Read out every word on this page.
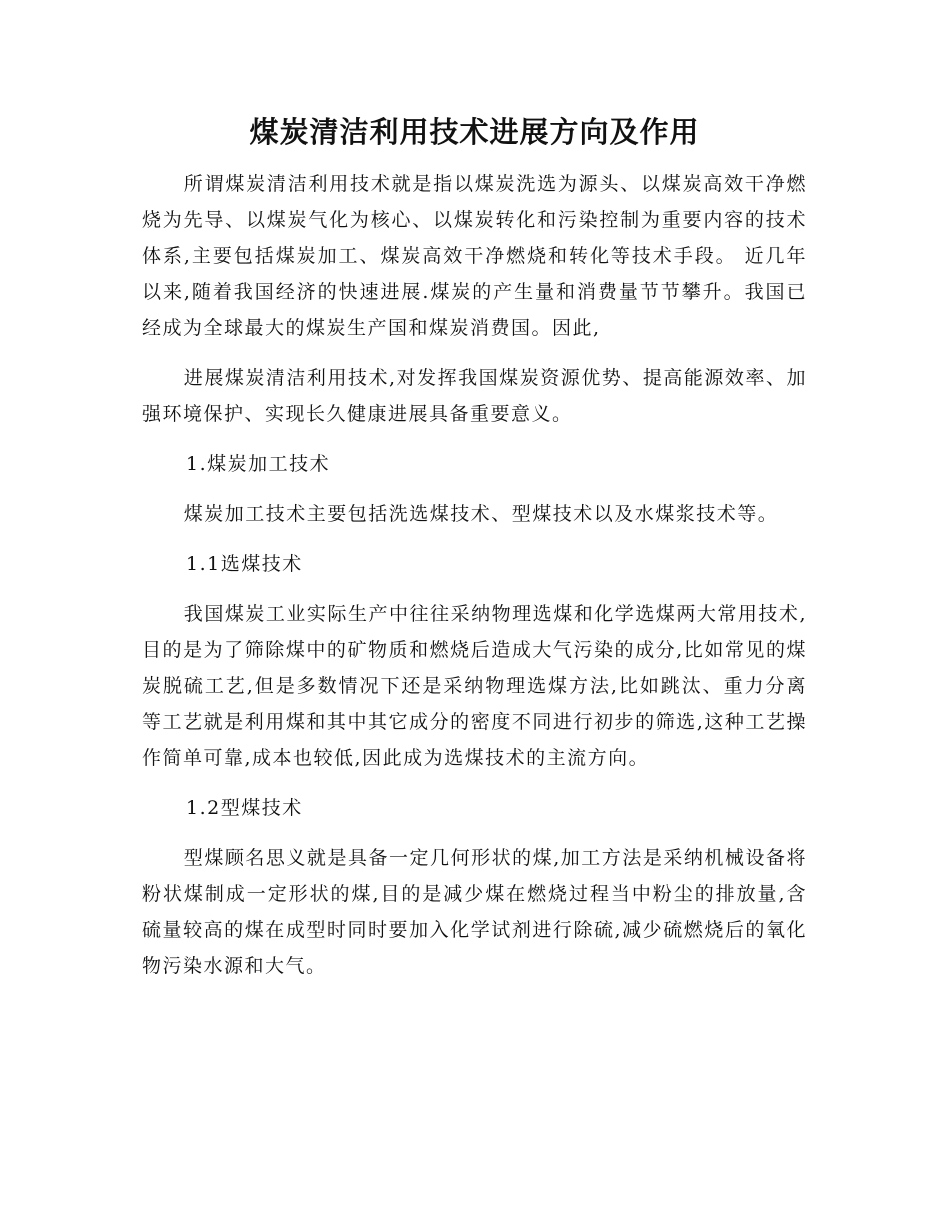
煤炭清洁利用技术进展方向及作用

所谓煤炭清洁利用技术就是指以煤炭洗选为源头、以煤炭高效干净燃烧为先导、以煤炭气化为核心、以煤炭转化和污染控制为重要内容的技术体系,主要包括煤炭加工、煤炭高效干净燃烧和转化等技术手段。 近几年以来,随着我国经济的快速进展.煤炭的产生量和消费量节节攀升。我国已经成为全球最大的煤炭生产国和煤炭消费国。因此,

进展煤炭清洁利用技术,对发挥我国煤炭资源优势、提高能源效率、加强环境保护、实现长久健康进展具备重要意义。

1.煤炭加工技术

煤炭加工技术主要包括洗选煤技术、型煤技术以及水煤浆技术等。

1.1选煤技术

我国煤炭工业实际生产中往往采纳物理选煤和化学选煤两大常用技术,目的是为了筛除煤中的矿物质和燃烧后造成大气污染的成分,比如常见的煤炭脱硫工艺,但是多数情况下还是采纳物理选煤方法,比如跳汰、重力分离等工艺就是利用煤和其中其它成分的密度不同进行初步的筛选,这种工艺操作简单可靠,成本也较低,因此成为选煤技术的主流方向。

1.2型煤技术

型煤顾名思义就是具备一定几何形状的煤,加工方法是采纳机械设备将粉状煤制成一定形状的煤,目的是减少煤在燃烧过程当中粉尘的排放量,含硫量较高的煤在成型时同时要加入化学试剂进行除硫,减少硫燃烧后的氧化物污染水源和大气。
